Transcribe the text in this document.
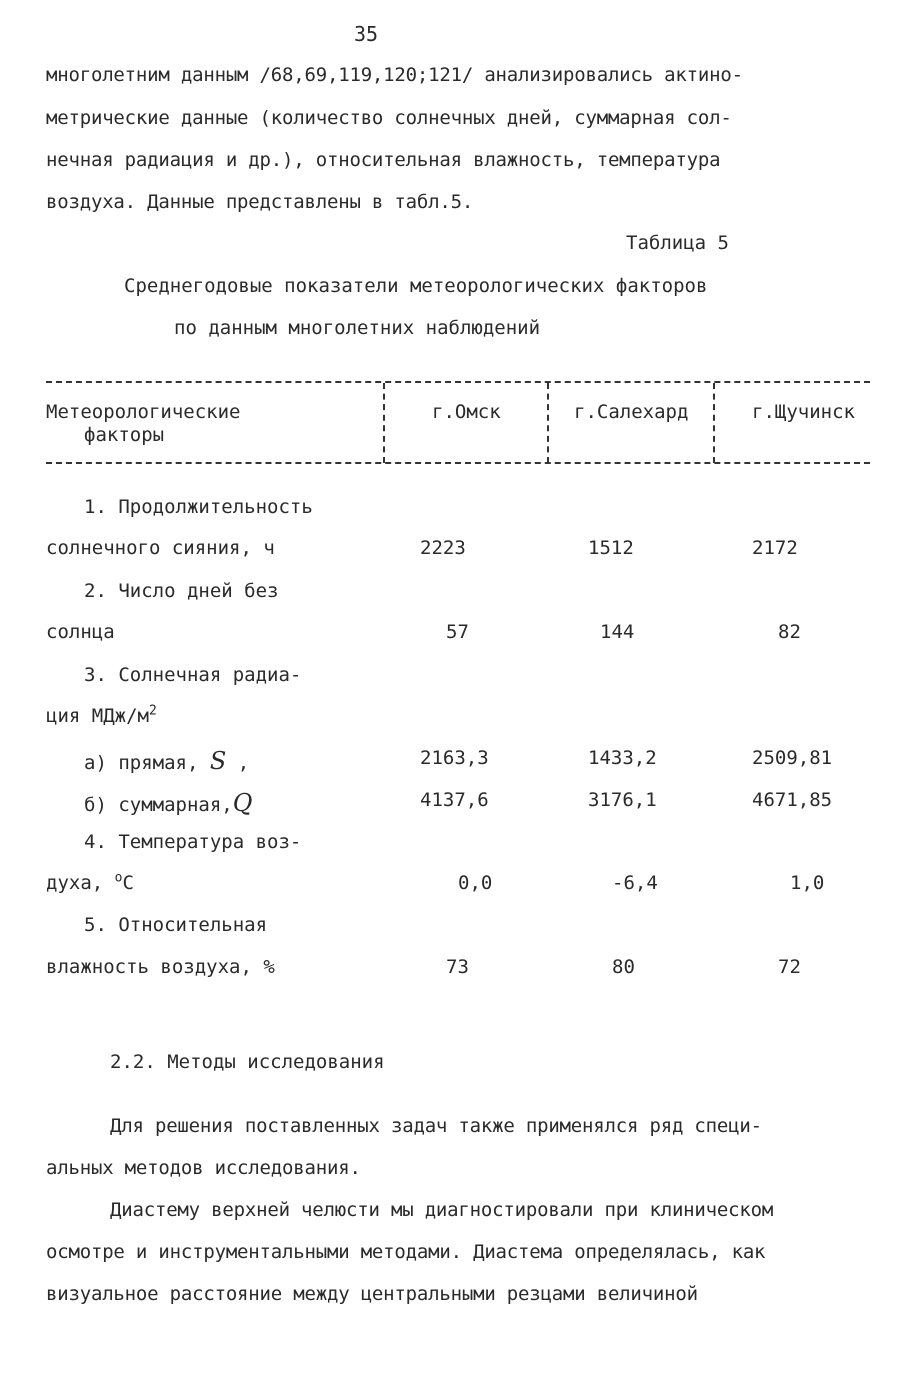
35
многолетним данным /68,69,119,120;121/ анализировались актино-
метрические данные (количество солнечных дней, суммарная сол-
нечная радиация и др.), относительная влажность, температура
воздуха. Данные представлены в табл.5.
Таблица 5
Среднегодовые показатели метеорологических факторов
по данным многолетних наблюдений
Метеорологические
факторы
г.Омск	г.Салехард	г.Щучинск
1. Продолжительность
солнечного сияния, ч	2223	1512	2172
2. Число дней без
солнца	57	144	82
3. Солнечная радиа-
ция МДж/$м^2$
а) прямая, S ,	2163,3	1433,2	2509,81
б) суммарная,Q	4137,6	3176,1	4671,85
4. Температура воз-
духа, $^o$C	0,0	-6,4	1,0
5. Относительная
влажность воздуха, %	73	80	72
2.2. Методы исследования
Для решения поставленных задач также применялся ряд специ-
альных методов исследования.
Диастему верхней челюсти мы диагностировали при клиническом
осмотре и инструментальными методами. Диастема определялась, как
визуальное расстояние между центральными резцами величиной
